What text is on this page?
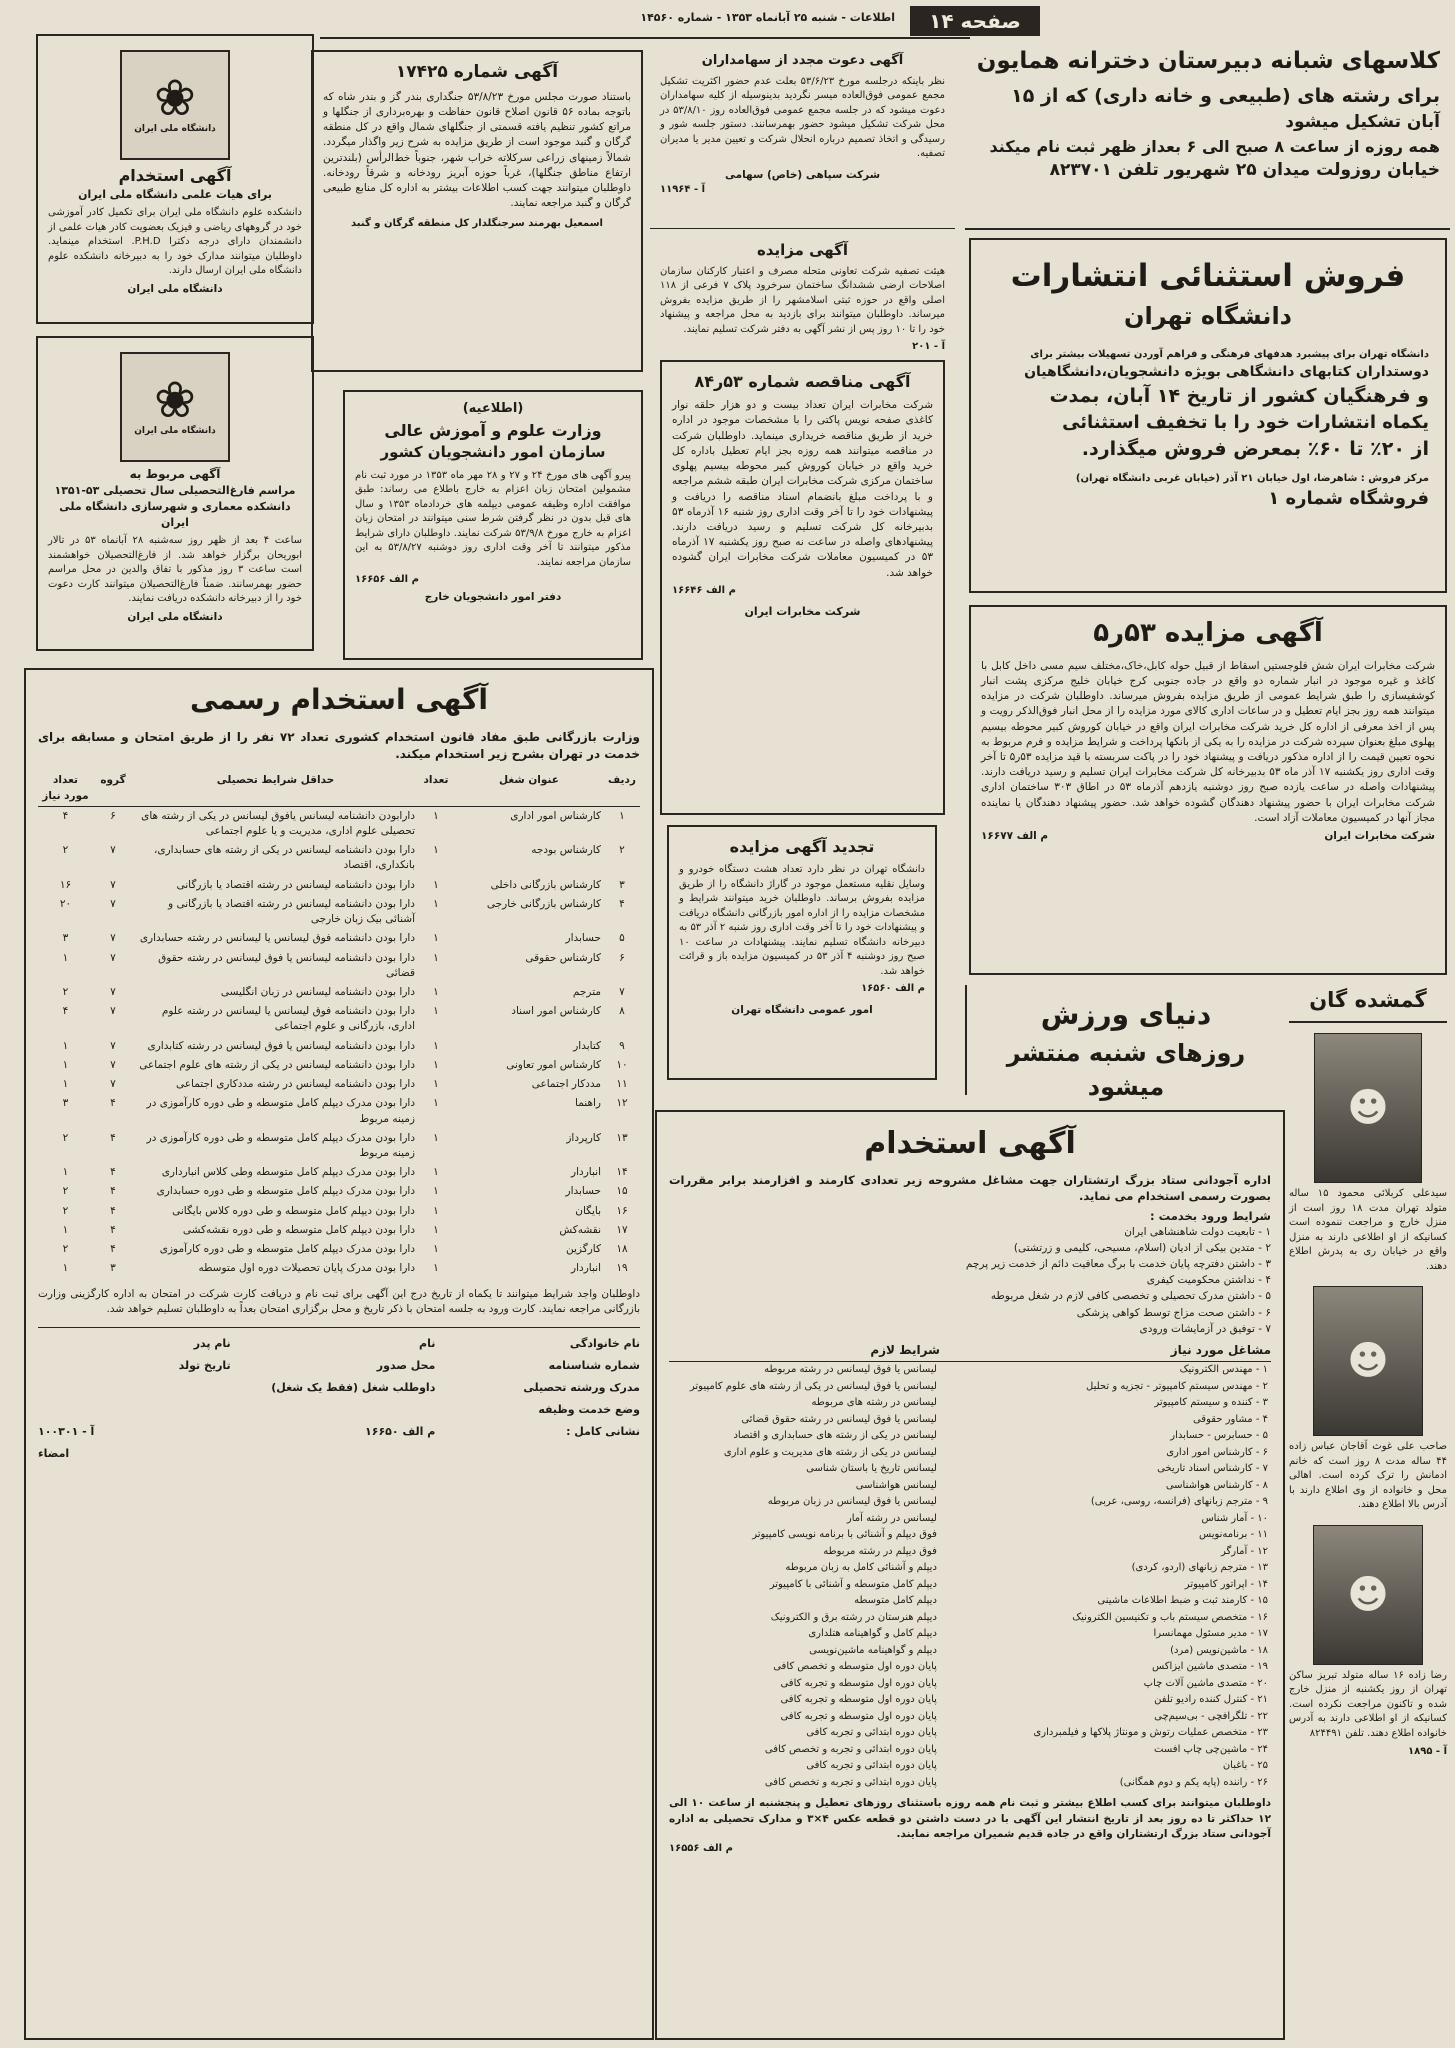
صفحه ۱۴
اطلاعات - شنبه ۲۵ آبانماه ۱۳۵۳ - شماره ۱۴۵۶۰
کلاسهای شبانه دبیرستان دخترانه همایون
برای رشته های (طبیعی و خانه داری) که از ۱۵
آبان تشکیل میشود
همه روزه از ساعت ۸ صبح الی ۶ بعداز ظهر ثبت نام میکند
خیابان روزولت میدان ۲۵ شهریور تلفن ۸۲۳۷۰۱
فروش استثنائی انتشارات
دانشگاه تهران
دانشگاه تهران برای پیشبرد هدفهای فرهنگی و فراهم آوردن تسهیلات بیشتر برای
دوستداران کتابهای دانشگاهی بویژه دانشجویان،دانشگاهیان
و فرهنگیان کشور از تاریخ ۱۴ آبان، بمدت
یکماه انتشارات خود را با تخفیف استثنائی
از ۲۰٪ تا ۶۰٪ بمعرض فروش میگذارد.
مرکز فروش : شاهرضا، اول خیابان ۲۱ آذر (خیابان غربی دانشگاه تهران)
فروشگاه شماره ۱
آگهی مزایده ۵۳ر۵

شرکت مخابرات ایران شش فلوجستیں اسقاط از قبیل حوله کابل،خاک،مختلف سیم مسی داخل کابل با کاغذ و غیره موجود در انبار شماره دو واقع در جاده جنوبی کرج خیابان خلیج مرکزی پشت انبار کوشفیسازی را طبق شرایط عمومی از طریق مزایده بفروش میرساند. داوطلبان شرکت در مزایده میتوانند همه روز بجز ایام تعطیل و در ساعات اداری کالای مورد مزایده را از محل انبار فوق‌الذکر رویت و پس از اخذ معرفی از اداره کل خرید شرکت مخابرات ایران واقع در خیابان کوروش کبیر محوطه بیسیم پهلوی مبلغ بعنوان سپرده شرکت در مزایده را به یکی از بانکها پرداخت و شرایط مزایده و فرم مربوط به نحوه تعیین قیمت را از اداره مذکور دریافت و پیشنهاد خود را در پاکت سربسته با قید مزایده ۵۳ر۵ تا آخر وقت اداری روز یکشنبه ۱۷ آذر ماه ۵۳ بدبیرخانه کل شرکت مخابرات ایران تسلیم و رسید دریافت دارند. پیشنهادات واصله در ساعت یازده صبح روز دوشنبه یازدهم آذرماه ۵۳ در اطاق ۳۰۳ ساختمان اداری شرکت مخابرات ایران با حضور پیشنهاد دهندگان گشوده خواهد شد. حضور پیشنهاد دهندگان یا نماینده مجاز آنها در کمیسیون معاملات آزاد است.

شرکت مخابرات ایران
م الف ۱۶۶۷۷
دنیای ورزش
روزهای شنبه منتشر میشود
گمشده گان
☻

سیدعلی کربلائی محمود ۱۵ ساله متولد تهران مدت ۱۸ روز است از منزل خارج و مراجعت ننموده است کسانیکه از او اطلاعی دارند به منزل واقع در خیابان ری به پدرش اطلاع دهند.

☻

صاحب علی غوث آقاجان عباس زاده ۴۴ ساله مدت ۸ روز است که خانم ادمانش را ترک کرده است. اهالی محل و خانواده از وی اطلاع دارند با آدرس بالا اطلاع دهند.

☻

رضا زاده ۱۶ ساله متولد تبریز ساکن تهران از روز یکشنبه از منزل خارج شده و تاکنون مراجعت نکرده است. کسانیکه از او اطلاعی دارند به آدرس خانواده اطلاع دهند. تلفن ۸۲۴۴۹۱

آ - ۱۸۹۵
آگهی دعوت مجدد از سهامداران

نظر باینکه درجلسه مورخ ۵۳/۶/۲۳ بعلت عدم حضور اکثریت تشکیل مجمع عمومی فوق‌العاده میسر نگردید بدینوسیله از کلیه سهامداران دعوت میشود که در جلسه مجمع عمومی فوق‌العاده روز ۵۳/۸/۱۰ در محل شرکت تشکیل میشود حضور بهمرسانند. دستور جلسه شور و رسیدگی و اتخاذ تصمیم درباره انحلال شرکت و تعیین مدیر یا مدیران تصفیه.

شرکت سپاهی (خاص) سهامی
آ - ۱۱۹۶۴
آگهی مزایده

هیئت تصفیه شرکت تعاونی متحله مصرف و اعتبار کارکنان سازمان اصلاحات ارضی ششدانگ ساختمان سرخرود پلاک ۷ فرعی از ۱۱۸ اصلی واقع در حوزه ثبتی اسلامشهر را از طریق مزایده بفروش میرساند. داوطلبان میتوانند برای بازدید به محل مراجعه و پیشنهاد خود را تا ۱۰ روز پس از نشر آگهی به دفتر شرکت تسلیم نمایند.

آ - ۲۰۱
آگهی مناقصه شماره ۵۳ر۸۴

شرکت مخابرات ایران تعداد بیست و دو هزار حلقه نوار کاغذی صفحه نویس پاکتی را با مشخصات موجود در اداره خرید از طریق مناقصه خریداری مینماید. داوطلبان شرکت در مناقصه میتوانند همه روزه بجز ایام تعطیل باداره کل خرید واقع در خیابان کوروش کبیر محوطه بیسیم پهلوی ساختمان مرکزی شرکت مخابرات ایران طبقه ششم مراجعه و با پرداخت مبلغ بانضمام اسناد مناقصه را دریافت و پیشنهادات خود را تا آخر وقت اداری روز شنبه ۱۶ آذرماه ۵۳ بدبیرخانه کل شرکت تسلیم و رسید دریافت دارند. پیشنهادهای واصله در ساعت نه صبح روز یکشنبه ۱۷ آذرماه ۵۳ در کمیسیون معاملات شرکت مخابرات ایران گشوده خواهد شد.

م الف ۱۶۶۴۶
شرکت مخابرات ایران
تجدید آگهی مزایده

دانشگاه تهران در نظر دارد تعداد هشت دستگاه خودرو و وسایل نقلیه مستعمل موجود در گاراژ دانشگاه را از طریق مزایده بفروش برساند. داوطلبان خرید میتوانند شرایط و مشخصات مزایده را از اداره امور بازرگانی دانشگاه دریافت و پیشنهادات خود را تا آخر وقت اداری روز شنبه ۲ آذر ۵۳ به دبیرخانه دانشگاه تسلیم نمایند. پیشنهادات در ساعت ۱۰ صبح روز دوشنبه ۴ آذر ۵۳ در کمیسیون مزایده باز و قرائت خواهد شد.

م الف ۱۶۵۶۰
امور عمومی دانشگاه تهران
آگهی شماره ۱۷۴۲۵

باستناد صورت مجلس مورخ ۵۳/۸/۲۳ جنگداری بندر گز و بندر شاه که باتوجه بماده ۵۶ قانون اصلاح قانون حفاظت و بهره‌برداری از جنگلها و مراتع کشور تنظیم یافته قسمتی از جنگلهای شمال واقع در کل منطقه گرگان و گنبد موجود است از طریق مزایده به شرح زیر واگذار میگردد. شمالاً زمینهای زراعی سرکلاته خراب شهر، جنوباً خط‌الرأس (بلندترین ارتفاع مناطق جنگلها)، غرباً حوزه آبریز رودخانه و شرقاً رودخانه. داوطلبان میتوانند جهت کسب اطلاعات بیشتر به اداره کل منابع طبیعی گرگان و گنبد مراجعه نمایند.

اسمعیل بهرمند سرجنگلدار کل منطقه گرگان و گنبد
(اطلاعیه)
وزارت علوم و آموزش عالی
سازمان امور دانشجویان کشور

پیرو آگهی های مورخ ۲۴ و ۲۷ و ۲۸ مهر ماه ۱۳۵۳ در مورد ثبت نام مشمولین امتحان زبان اعزام به خارج باطلاع می رساند: طبق موافقت اداره وظیفه عمومی دیپلمه های خردادماه ۱۳۵۳ و سال های قبل بدون در نظر گرفتن شرط سنی میتوانند در امتحان زبان اعزام به خارج مورخ ۵۳/۹/۸ شرکت نمایند. داوطلبان دارای شرایط مذکور میتوانند تا آخر وقت اداری روز دوشنبه ۵۳/۸/۲۷ به این سازمان مراجعه نمایند.

م الف ۱۶۶۵۶
دفتر امور دانشجویان خارج
❀
دانشگاه ملی ایران
آگهی استخدام
برای هیات علمی دانشگاه ملی ایران

دانشکده علوم دانشگاه ملی ایران برای تکمیل کادر آموزشی خود در گروههای ریاضی و فیزیک بعضویت کادر هیات علمی از دانشمندان دارای درجه دکترا P.H.D. استخدام مینماید. داوطلبان میتوانند مدارک خود را به دبیرخانه دانشکده علوم دانشگاه ملی ایران ارسال دارند.

دانشگاه ملی ایران
❀
دانشگاه ملی ایران
آگهی مربوط به
مراسم فارغ‌التحصیلی سال تحصیلی ۵۳-۱۳۵۱ دانشکده معماری و شهرسازی دانشگاه ملی ایران

ساعت ۴ بعد از ظهر روز سه‌شنبه ۲۸ آبانماه ۵۳ در تالار ابوریحان برگزار خواهد شد. از فارغ‌التحصیلان خواهشمند است ساعت ۳ روز مذکور با تفاق والدین در محل مراسم حضور بهمرسانند. ضمناً فارغ‌التحصیلان میتوانند کارت دعوت خود را از دبیرخانه دانشکده دریافت نمایند.

دانشگاه ملی ایران
آگهی استخدام رسمی

وزارت بازرگانی طبق مفاد قانون استخدام کشوری تعداد ۷۲ نفر را از طریق امتحان و مسابقه برای خدمت در تهران بشرح زیر استخدام میکند.

ردیف	عنوان شغل	تعداد	حداقل شرایط تحصیلی	گروه	تعداد مورد نیاز
۱	کارشناس امور اداری	۱	دارابودن دانشنامه لیسانس یافوق لیسانس در یکی از رشته های تحصیلی علوم اداری، مدیریت و یا علوم اجتماعی	۶	۴
۲	کارشناس بودجه	۱	دارا بودن دانشنامه لیسانس در یکی از رشته های حسابداری، بانکداری، اقتصاد	۷	۲
۳	کارشناس بازرگانی داخلی	۱	دارا بودن دانشنامه لیسانس در رشته اقتصاد یا بازرگانی	۷	۱۶
۴	کارشناس بازرگانی خارجی	۱	دارا بودن دانشنامه لیسانس در رشته اقتصاد یا بازرگانی و آشنائی بیک زبان خارجی	۷	۲۰
۵	حسابدار	۱	دارا بودن دانشنامه فوق لیسانس یا لیسانس در رشته حسابداری	۷	۳
۶	کارشناس حقوقی	۱	دارا بودن دانشنامه لیسانس یا فوق لیسانس در رشته حقوق قضائی	۷	۱
۷	مترجم	۱	دارا بودن دانشنامه لیسانس در زبان انگلیسی	۷	۲
۸	کارشناس امور اسناد	۱	دارا بودن دانشنامه فوق لیسانس یا لیسانس در رشته علوم اداری، بازرگانی و علوم اجتماعی	۷	۴
۹	کتابدار	۱	دارا بودن دانشنامه لیسانس یا فوق لیسانس در رشته کتابداری	۷	۱
۱۰	کارشناس امور تعاونی	۱	دارا بودن دانشنامه لیسانس در یکی از رشته های علوم اجتماعی	۷	۱
۱۱	مددکار اجتماعی	۱	دارا بودن دانشنامه لیسانس در رشته مددکاری اجتماعی	۷	۱
۱۲	راهنما	۱	دارا بودن مدرک دیپلم کامل متوسطه و طی دوره کارآموزی در زمینه مربوط	۴	۳
۱۳	کارپرداز	۱	دارا بودن مدرک دیپلم کامل متوسطه و طی دوره کارآموزی در زمینه مربوط	۴	۲
۱۴	انباردار	۱	دارا بودن مدرک دیپلم کامل متوسطه وطی کلاس انبارداری	۴	۱
۱۵	حسابدار	۱	دارا بودن مدرک دیپلم کامل متوسطه و طی دوره حسابداری	۴	۲
۱۶	بایگان	۱	دارا بودن دیپلم کامل متوسطه و طی دوره کلاس بایگانی	۴	۲
۱۷	نقشه‌کش	۱	دارا بودن دیپلم کامل متوسطه و طی دوره نقشه‌کشی	۴	۱
۱۸	کارگزین	۱	دارا بودن مدرک دیپلم کامل متوسطه و طی دوره کارآموزی	۴	۲
۱۹	انباردار	۱	دارا بودن مدرک پایان تحصیلات دوره اول متوسطه	۳	۱

داوطلبان واجد شرایط میتوانند تا یکماه از تاریخ درج این آگهی برای ثبت نام و دریافت کارت شرکت در امتحان به اداره کارگزینی وزارت بازرگانی مراجعه نمایند. کارت ورود به جلسه امتحان با ذکر تاریخ و محل برگزاری امتحان بعداً به داوطلبان تسلیم خواهد شد.

نام خانوادگی
نام
نام پدر
شماره شناسنامه
محل صدور
تاریخ تولد
مدرک ورشته تحصیلی
داوطلب شغل (فقط یک شغل)
وضع خدمت وظیفه
نشانی کامل :
م الف ۱۶۶۵۰
آ - ۱۰۰۳۰۱
امضاء
آگهی استخدام

اداره آجودانی ستاد بزرگ ارتشتاران جهت مشاغل مشروحه زیر تعدادی کارمند و افزارمند برابر مقررات بصورت رسمی استخدام می نماید.

شرایط ورود بخدمت :
۱ - تابعیت دولت شاهنشاهی ایران
۲ - متدین بیکی از ادیان (اسلام، مسیحی، کلیمی و زرتشتی)
۳ - داشتن دفترچه پایان خدمت با برگ معافیت دائم از خدمت زیر پرچم
۴ - نداشتن محکومیت کیفری
۵ - داشتن مدرک تحصیلی و تخصصی کافی لازم در شغل مربوطه
۶ - داشتن صحت مزاج توسط کواهی پزشکی
۷ - توفیق در آزمایشات ورودی
مشاغل مورد نیاز
شرایط لازم
۱ - مهندس الکترونیک	لیسانس یا فوق لیسانس در رشته مربوطه
۲ - مهندس سیستم کامپیوتر - تجزیه و تحلیل	لیسانس یا فوق لیسانس در یکی از رشته های علوم کامپیوتر
۳ - کننده و سیستم کامپیوتر	لیسانس در رشته های مربوطه
۴ - مشاور حقوقی	لیسانس یا فوق لیسانس در رشته حقوق قضائی
۵ - حسابرس - حسابدار	لیسانس در یکی از رشته های حسابداری و اقتصاد
۶ - کارشناس امور اداری	لیسانس در یکی از رشته های مدیریت و علوم اداری
۷ - کارشناس اسناد تاریخی	لیسانس تاریخ یا باستان شناسی
۸ - کارشناس هواشناسی	لیسانس هواشناسی
۹ - مترجم زبانهای (فرانسه، روسی، عربی)	لیسانس یا فوق لیسانس در زبان مربوطه
۱۰ - آمار شناس	لیسانس در رشته آمار
۱۱ - برنامه‌نویس	فوق دیپلم و آشنائی با برنامه نویسی کامپیوتر
۱۲ - آمارگر	فوق دیپلم در رشته مربوطه
۱۳ - مترجم زبانهای (اردو، کردی)	دیپلم و آشنائی کامل به زبان مربوطه
۱۴ - اپراتور کامپیوتر	دیپلم کامل متوسطه و آشنائی با کامپیوتر
۱۵ - کارمند ثبت و ضبط اطلاعات ماشینی	دیپلم کامل متوسطه
۱۶ - متخصص سیستم باب و تکنیسین الکترونیک	دیپلم هنرستان در رشته برق و الکترونیک
۱۷ - مدیر مسئول مهمانسرا	دیپلم کامل و گواهینامه هتلداری
۱۸ - ماشین‌نویس (مرد)	دیپلم و گواهینامه ماشین‌نویسی
۱۹ - متصدی ماشین ایزاکس	پایان دوره اول متوسطه و تخصص کافی
۲۰ - متصدی ماشین آلات چاپ	پایان دوره اول متوسطه و تجربه کافی
۲۱ - کنترل کننده رادیو تلفن	پایان دوره اول متوسطه و تجربه کافی
۲۲ - تلگرافچی - بی‌سیم‌چی	پایان دوره اول متوسطه و تجربه کافی
۲۳ - متخصص عملیات رتوش و مونتاژ پلاکها و فیلمبرداری	پایان دوره ابتدائی و تجربه کافی
۲۴ - ماشین‌چی چاپ افست	پایان دوره ابتدائی و تجربه و تخصص کافی
۲۵ - باغبان	پایان دوره ابتدائی و تجربه کافی
۲۶ - راننده (پایه یکم و دوم همگانی)	پایان دوره ابتدائی و تجربه و تخصص کافی

داوطلبان میتوانند برای کسب اطلاع بیشتر و ثبت نام همه روزه باستثنای روزهای تعطیل و پنجشنبه از ساعت ۱۰ الی ۱۲ حداکثر تا ده روز بعد از تاریخ انتشار این آگهی با در دست داشتن دو قطعه عکس ۴×۳ و مدارک تحصیلی به اداره آجودانی ستاد بزرگ ارتشتاران واقع در جاده قدیم شمیران مراجعه نمایند.

م الف ۱۶۵۵۶
